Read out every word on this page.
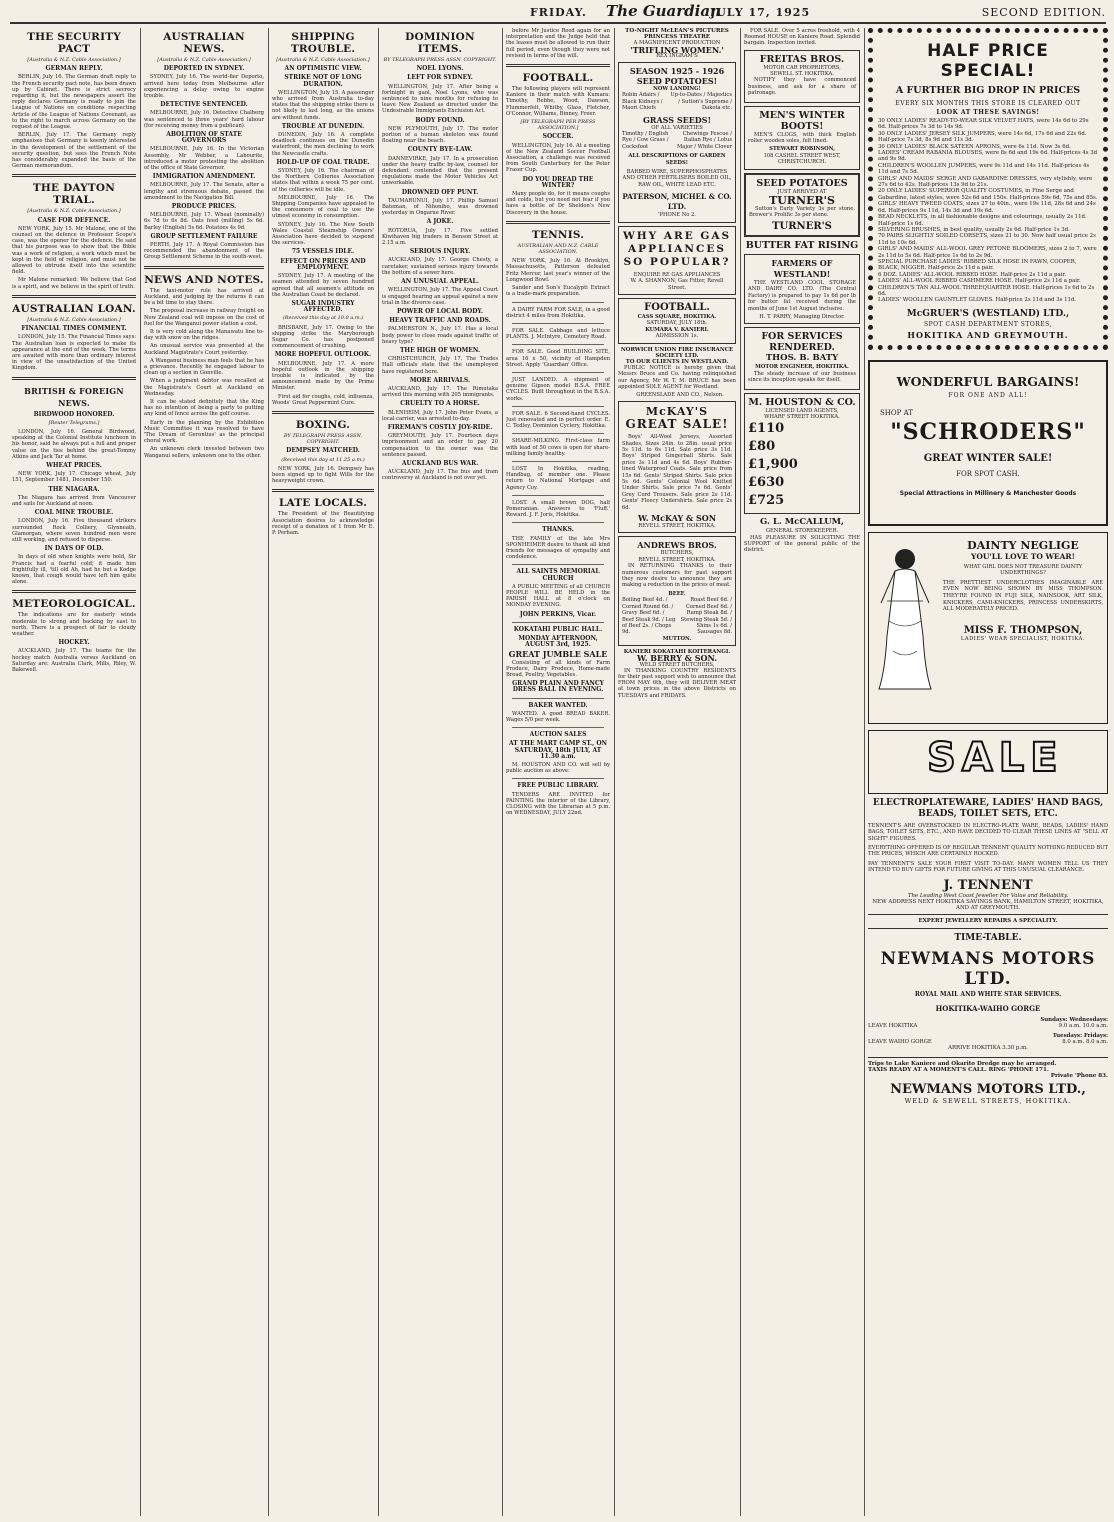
FRIDAY. The Guardian
JULY 17, 1925	SECOND EDITION.
THE SECURITY PACT
[Australia & N.Z. Cable Association.]
GERMAN REPLY.

BERLIN, July 16. The German draft reply to the French security pact note, has been drawn up by Cabinet. There is strict secrecy regarding it, but the newspapers assert the reply declares Germany is ready to join the League of Nations on conditions respecting Article of the League of Nations Covenant, as to the right to march across Germany on the request of the League.

BERLIN, July 17. The Germany reply emphasises that Germany is keenly interested in the development of the settlement of the security question, but sees the French Note has considerably expanded the basis of the German memorandum.

THE DAYTON TRIAL.
[Australia & N.Z. Cable Association.]
CASE FOR DEFENCE.

NEW YORK, July 15. Mr Malone, one of the counsel on the defence in Professor Scope's case, was the opener for the defence. He said that his purpose was to show that the Bible was a work of religion, a work which must be kept in the field of religion, and must not be allowed to obtrude itself into the scientific field.

Mr Malone remarked: We believe that God is a spirit, and we believe in the spirit of truth.

AUSTRALIAN LOAN.
[Australia & N.Z. Cable Association.]
FINANCIAL TIMES COMMENT.

LONDON, July 15. The Financial Times says: The Australian loan is expected to make its appearance at the end of the week. The terms are awaited with more than ordinary interest in view of the unsatisfaction of the United Kingdom.

BRITISH & FOREIGN NEWS.
BIRDWOOD HONORED.
[Reuter Telegrams.]

LONDON, July 16. General Birdwood, speaking at the Colonial Institute luncheon in his honor, said he always put a full and proper value on the ties behind the great-Tommy Atkins and Jack Tar at home.

WHEAT PRICES.

NEW YORK, July 17. Chicago wheat, July 151, September 1481, December 150.

THE NIAGARA.

The Niagara has arrived from Vancouver and sails for Auckland at noon.

COAL MINE TROUBLE.

LONDON, July 16. Five thousand strikers surrounded Rock Colliery, Glynneath, Glamorgan, where seven hundred men were still working, and refused to disperse.

IN DAYS OF OLD.

In days of old when knights were bold, Sir Francis had a fearful cold; it made him frightfully ill, 'till old Ah, had he but a Kodge known, that cough would have left him quite alone.

METEOROLOGICAL.

The indications are for easterly winds moderate to strong and backing by east to north. There is a prospect of fair to cloudy weather.

HOCKEY.

AUCKLAND, July 17. The teams for the hockey match Australia versus Auckland on Saturday are: Australia Clark, Mills, Riley, W. Bakewell.

AUSTRALIAN NEWS.
[Australia & N.Z. Cable Association.]
DEPORTED IN SYDNEY.

SYDNEY, July 16. The world-fier Deporto, arrived here today from Melbourne after experiencing a delay owing to engine trouble.

DETECTIVE SENTENCED.

MELBOURNE, July 16. Detective Chalberg was sentenced to three years' hard labour (for receiving money from a publican).

ABOLITION OF STATE GOVERNORS

MELBOURNE, July 16. In the Victorian Assembly, Mr Webber, a Labourite, introduced a motor protesting the abolition of the office of State Governor.

IMMIGRATION AMENDMENT.

MELBOURNE, July 17. The Senate, after a lengthy and strenuous debate, passed the amendment to the Navigation Bill.

PRODUCE PRICES.

MELBOURNE, July 17. Wheat (nominally) 6s 7d to 6s 8d. Oats feed (milling) 5s 6d. Barley (English) 5s 6d. Potatoes 4s 9d.

GROUP SETTLEMENT FAILURE

PERTH, July 17. A Royal Commission has recommended the abandonment of the Group Settlement Scheme in the south-west.

NEWS AND NOTES.

The taxi-motor rule has arrived at Auckland, and judging by the returns it can be a bit time to stay there.

The proposal increase in railway freight on New Zealand coal will impose on the cost of fuel for the Wanganui power station a cost.

It is very cold along the Manawatu line to-day with snow on the ridges.

An unusual service was presented at the Auckland Magistrate's Court yesterday.

A Wanganui business man feels that he has a grievance. Recently he engaged labour to clean up a section in Gonville.

When a judgment debtor was recalled at the Magistrate's Court at Auckland on Wednesday.

It can be stated definitely that the King has no intention of being a party to putting any kind of fence across the golf course.

Early in the planning by the Exhibition Music Committee it was resolved to have 'The Dream of Gerontius' as the principal choral work.

An unknown clerk invested between two Wanganui sellers, unknown one to the other.

SHIPPING TROUBLE.
[Australia & N.Z. Cable Association.]
AN OPTIMISTIC VIEW.
STRIKE NOT OF LONG DURATION.

WELLINGTON, July 15. A passenger who arrived from Australia to-day states that the shipping strike there is not likely to last long, as the unions are without funds.

TROUBLE AT DUNEDIN.

DUNEDIN, July 16. A complete deadlock continues on the Dunedin waterfront, the men declining to work the Newcastle crafts.

HOLD-UP OF COAL TRADE.

SYDNEY, July 16. The chairman of the Northern Collieries Association states that within a week 75 per cent. of the collieries will be idle.

MELBOURNE, July 16. The Shipping Companies have appealed to the consumers of coal to use the utmost economy in consumption.

SYDNEY, July 16. The New South Wales Coastal Steamship Owners' Association have decided to suspend the services.

75 VESSELS IDLE.
EFFECT ON PRICES AND EMPLOYMENT.

SYDNEY, July 17. A meeting of the seamen attended by seven hundred agreed that all seamen's attitude on the Australian Coast be declared.

SUGAR INDUSTRY AFFECTED.
(Received this day at 10.0 a.m.)

BRISBANE, July 17. Owing to the shipping strike the Maryborough Sugar Co. has postponed commencement of crushing.

MORE HOPEFUL OUTLOOK.

MELBOURNE, July 17. A more hopeful outlook in the shipping trouble is indicated by the announcement made by the Prime Minister.

First aid for coughs, cold, influenza, Woods' Great Peppermint Cure.

BOXING.
BY TELEGRAPH PRESS ASSN. COPYRIGHT.
DEMPSEY MATCHED.
(Received this day at 11.25 a.m.)

NEW YORK, July 16. Dempsey has been signed up to fight Wills for the heavyweight crown.

LATE LOCALS.

The President of the Beautifying Association desires to acknowledge receipt of a donation of 1 from Mr E. P. Perham.

DOMINION ITEMS.
BY TELEGRAPH PRESS ASSN. COPYRIGHT.
NOEL LYONS.
LEFT FOR SYDNEY.

WELLINGTON, July 17. After being a fortnight in gaol, Noel Lyons, who was sentenced to nine months for refusing to leave New Zealand as directed under the Undesirable Immigrants Exclusion Act.

BODY FOUND.

NEW PLYMOUTH, July 17. The motor portion of a human skeleton was found floating near the beach.

COUNTY BYE-LAW.

DANNEVIRKE, July 17. In a prosecution under the heavy traffic by-law, counsel for defendant contended that the present regulations made the Motor Vehicles Act unworkable.

DROWNED OFF PUNT.

TAUMARUNUI, July 17. Phillip Samuel Bateman, of Nihoniho, was drowned yesterday in Ongarue River.

A JOKE.

ROTORUA, July 17. Five settled Kiwihaven big traders in Benson Street at 2.15 a.m.

SERIOUS INJURY.

AUCKLAND, July 17. George Chesty, a caretaker, sustained serious injury towards the bottom of a sewer here.

AN UNUSUAL APPEAL.

WELLINGTON, July 17. The Appeal Court is engaged hearing an appeal against a new trial in the divorce case.

POWER OF LOCAL BODY.
HEAVY TRAFFIC AND ROADS.

PALMERSTON N., July 17. Has a local body power to close roads against traffic of heavy type?

THE HIGH OF WOMEN.

CHRISTCHURCH, July 17. The Trades Hall officials state that the unemployed have registered here.

MORE ARRIVALS.

AUCKLAND, July 17. The Rimutaka arrived this morning with 205 immigrants.

CRUELTY TO A HORSE.

BLENHEIM, July 17. John Peter Evans, a local carrier, was arrested to-day.

FIREMAN'S COSTLY JOY-RIDE.

GREYMOUTH, July 17. Fourteen days imprisonment and an order to pay 20 compensation to the owner was the sentence passed.

AUCKLAND BUS WAR.

AUCKLAND, July 17. The bus and tram controversy at Auckland is not over yet.

before Mr Justice Reed again for an interpretation and the Judge held that the leases must be allowed to run their full period, even though they were not revised in terms of the will.

FOOTBALL.

The following players will represent Kaniere in their match with Kumara: Timothy, Rebbe, Wood, Dawson, Flummerfelt, Whitby, Glass, Fletcher, O'Connor, Williams, Binney, Freer.

[BY TELEGRAPH PER PRESS ASSOCIATION.]
SOCCER.

WELLINGTON, July 16. At a meeting of the New Zealand Soccer Football Association, a challenge was received from South Canterbury for the Peter Fraser Cup.

DO YOU DREAD THE WINTER?

Many people do, for it means coughs and colds, but you need not fear if you have a bottle of Dr Sheldon's New Discovery in the house.

TENNIS.
AUSTRALIAN AND N.Z. CABLE ASSOCIATION.

NEW YORK, July 16. At Brooklyn, Massachusetts, Patterson defeated Fritz Mercur, last year's winner of the Longwood Bowl.

Sander and Son's Eucalypti Extract is a trade-mark preparation.

A DAIRY FARM FOR SALE, in a good district 4 miles from Hokitika.

FOR SALE. Cabbage and lettuce PLANTS. J. McIntyre, Cemetery Road.

FOR SALE. Good BUILDING SITE, area 16 x 50, vicinity of Hampden Street. Apply 'Guardian' Office.

JUST LANDED. A shipment of genuine Gipson model B.S.A. FREE CYCLES. Built throughout in the B.S.A. works.

FOR SALE. 6 Second-hand CYCLES. Just renovated and in perfect order. E. C. Tedley, Dominion Cyclery, Hokitika.

SHARE-MILKING. First-class farm with lead of 50 cows is open for share-milking family healthy.

LOST. In Hokitika, reading, Handbag, of member one. Please return to National Mortgage and Agency Coy.

LOST. A small brown DOG, half Pomeranian. Answers to 'Fluff.' Reward. J. F. Joris, Hokitika.

THANKS.

THE FAMILY of the late Mrs SPONHEIMER desire to thank all kind friends for messages of sympathy and condolence.

ALL SAINTS MEMORIAL CHURCH

A PUBLIC MEETING of all CHURCH PEOPLE WILL BE HELD in the PARISH HALL at 8 o'clock on MONDAY EVENING.

JOHN PERKINS, Vicar.
KOKATAHI PUBLIC HALL.
MONDAY AFTERNOON, AUGUST 3rd, 1925.
GREAT JUMBLE SALE

Consisting of all kinds of Farm Produce, Dairy Produce, Home-made Bread, Poultry, Vegetables.

GRAND PLAIN AND FANCY DRESS BALL IN EVENING.
BAKER WANTED.

WANTED. A good BREAD BAKER. Wages 5/0 per week.

AUCTION SALES
AT THE MART CAMP ST., ON SATURDAY, 18th JULY, AT 11.30 a.m.

M. HOUSTON AND CO. will sell by public auction as above:

FREE PUBLIC LIBRARY.

TENDERS ARE INVITED for PAINTING the interior of the Library, CLOSING with the Librarian at 5 p.m. on WEDNESDAY, JULY 22nd.

TO-NIGHT McLEAN'S PICTURES PRINCESS THEATRE
A MAGNIFICENT PRODUCTION
'TRIFLING WOMEN.'
REX INGRAM'S
SEASON 1925 - 1926 SEED POTATOES!
NOW LANDING!
Robin Adairs / Black Kidneys / Maori Chiefs
Up-to-Dates / Majestics / Sutton's Supreme / Dakota etc.
GRASS SEEDS!
OF ALL VARIETIES
Timothy / English Rye / Cow Grass / Cocksfoot
Chewings Fescue / Italian Rye / Lotus Major / White Clover
ALL DESCRIPTIONS OF GARDEN SEEDS!
BARBED WIRE, SUPERPHOSPHATES AND OTHER FERTILISERS BOILED OIL, RAW OIL, WHITE LEAD ETC.
PATERSON, MICHEL & CO. LTD.
'PHONE No 2.
WHY ARE GAS APPLIANCES SO POPULAR?
ENQUIRE RE GAS APPLIANCES
W. A. SHANNON, Gas Fitter, Revell Street.
FOOTBALL.
CASS SQUARE, HOKITIKA.
SATURDAY, JULY 18th.
KUMARA V. KANIERI.
ADMISSION 1s.
NORWICH UNION FIRE INSURANCE SOCIETY LTD.
TO OUR CLIENTS IN WESTLAND.

PUBLIC NOTICE is hereby given that Messrs Bruce and Co. having relinquished our Agency, Mr W. T. M. BRUCE has been appointed SOLE AGENT for Westland.

GREENSLADE AND CO., Nelson.

McKAY'S
GREAT SALE!

Boys' All-Wool Jerseys, Assorted Shades, Sizes 24in. to 28in. usual price 5s 11d. to 6s 11d. Sale price 3s 11d. Boys' Striped Gingerball Shirts. Sale price 3s 11d and 4s 6d. Boys' Rubber-lined Waterproof Coats. Sale price from 15s 6d. Gents' Striped Shirts. Sale price 5s 6d. Gents' Colonial Wool Knitted Under Shirts. Sale price 7s 6d. Gents' Grey Cord Trousers. Sale price 2s 11d. Gents' Fleecy Undershirts. Sale price 2s 6d.

W. McKAY & SON
REVELL STREET, HOKITIKA.
ANDREWS BROS.
BUTCHERS,
REVELL STREET, HOKITIKA.

IN RETURNING THANKS to their numerous customers for past support they now desire to announce they are making a reduction in the prices of meat.

BEEF.
Boiling Beef 4d. / Corned Round 6d. / Gravy Beef 6d. / Beef Steak 9d. / Leg of Beef 2s. / Chops 9d.
Roast Beef 6d. / Corned Beef 6d. / Rump Steak 8d. / Stewing Steak 5d. / Shins 1s 6d. / Sausages 8d.
MUTTON.
KANIERI KOKATAHI KOITERANGI.
W. BERRY & SON.
WELD STREET BUTCHERS,

IN THANKING COUNTRY RESIDENTS for their past support wish to announce that FROM MAY 6th, they will DELIVER MEAT at town prices in the above Districts on TUESDAYS and FRIDAYS.

FOR SALE. Over 5 acres freehold, with 4 Roomed HOUSE on Kaniere Road. Splendid bargain. Inspection invited.

FREITAS BROS.
MOTOR CAR PROPRIETORS,
SEWELL ST. HOKITIKA.

NOTIFY they have commenced business, and ask for a share of patronage.

MEN'S WINTER BOOTS!

MEN'S CLOGS, with thick English roller wooden soles, felt lined.

STEWART ROBINSON,
108 CASHEL STREET WEST,
CHRISTCHURCH.
SEED POTATOES
JUST ARRIVED AT
TURNER'S

Sutton's Early Variety 3s per stone. Brewer's Prolific 3s per stone.

TURNER'S
BUTTER FAT RISING
FARMERS OF WESTLAND!

THE WESTLAND COOL STORAGE AND DAIRY CO. LTD. (The Central Factory) is prepared to pay 1s 6d per lb for butter fat received during the months of June 1st August inclusive.

H. T. PARRY, Managing Director.
FOR SERVICES RENDERED.
THOS. B. BATY
MOTOR ENGINEER, HOKITIKA.

The steady increase of our business since its inception speaks for itself.

M. HOUSTON & CO.
LICENSED LAND AGENTS,
WHARF STREET HOKITIKA.
£110
£80
£1,900
£630
£725
G. L. McCALLUM,
GENERAL STOREKEEPER.

HAS PLEASURE IN SOLICITING THE SUPPORT of the general public of the district.

HALF PRICE SPECIAL!
A FURTHER BIG DROP IN PRICES
EVERY SIX MONTHS THIS STORE IS CLEARED OUT
LOOK AT THESE SAVINGS!

30 ONLY LADIES' READY-TO-WEAR SILK VELVET HATS, were 14s 6d to 29s 6d. Half-prices 7s 3d to 14s 9d.

30 ONLY LADIES' JERSEY SILK JUMPERS, were 14s 6d, 17s 6d and 22s 6d. Half-price 7s 3d, 8s 9d and 11s 3d.

30 ONLY LADIES' BLACK SATEEN APRONS, were 6s 11d. Now 3s 6d.

LADIES' CREAM RABANIA BLOUSES, were 8s 6d and 19s 6d. Half-prices 4s 3d and 9s 9d.

CHILDREN'S WOOLLEN JUMPERS, were 9s 11d and 14s 11d. Half-prices 4s 11d and 7s 5d.

GIRLS' AND MAIDS' SERGE AND GABARDINE DRESSES, very stylishly, were 27s 6d to 42s. Half-prices 13s 9d to 21s.

20 ONLY LADIES' SUPERIOR QUALITY COSTUMES, in Fine Serge and Gabardine, latest styles, were 52s 6d and 150s. Half-prices 59s 6d, 75s and 85s.

GIRLS' HEAVY TWEED COATS, sizes 27 to 40in., were 19s 11d, 28s 6d and 24s 6d. Half-prices 9s 11d, 14s 3d and 19s 6d.

BEAD NECKLETS, in all fashionable designs and colourings, usually 2s 11d. Half-price 1s 6d.

SILVERING BRUSHES, in best quality, usually 2s 6d. Half-price 1s 3d.

70 PAIRS SLIGHTLY SOILED CORSETS, sizes 21 to 30. Now half usual price 2s 11d to 10s 6d.

GIRLS' AND MAIDS' ALL-WOOL GREY PETONE BLOOMERS, sizes 2 to 7, were 2s 11d to 5s 6d. Half-price 1s 6d to 2s 9d.

SPECIAL PURCHASE LADIES' RIBBED SILK HOSE IN FAWN, COOPER, BLACK, NIGGER. Half-price 2s 11d a pair.

6 DOZ. LADIES' ALL-WOOL RIBBED HOSE. Half-price 2s 11d a pair.

LADIES' ALL-WOOL RIBBED CASHMERE HOSE. Half-price 2s 11d a pair.

CHILDREN'S TAN ALL-WOOL THREEQUARTER HOSE. Half-prices 1s 6d to 2s 6d.

LADIES' WOOLLEN GAUNTLET GLOVES. Half-price 2s 11d and 3s 11d.

McGRUER'S (WESTLAND) LTD.,
SPOT CASH DEPARTMENT STORES,
HOKITIKA AND GREYMOUTH.
WONDERFUL BARGAINS!
FOR ONE AND ALL!
SHOP AT
"SCHRODERS"
GREAT WINTER SALE!
FOR SPOT CASH.
Special Attractions in Millinery & Manchester Goods
DAINTY NEGLIGE
YOU'LL LOVE TO WEAR!
WHAT GIRL DOES NOT TREASURE DAINTY UNDERTHINGS?

THE PRETTIEST UNDERCLOTHES IMAGINABLE ARE EVEN NOW BEING SHOWN BY MISS THOMPSON. THEY'RE FOUND IN FUJI SILK, NAINSOOK, ART SILK, KNICKERS, CAMI-KNICKERS, PRINCESS UNDERSKIRTS, ALL MODERATELY PRICED.

MISS F. THOMPSON,
LADIES' WEAR SPECIALIST, HOKITIKA.
SALE
ELECTROPLATEWARE, LADIES' HAND BAGS, BEADS, TOILET SETS, ETC.

TENNENT'S ARE OVERSTOCKED IN ELECTRO-PLATE WARE, BEADS, LADIES' HAND BAGS, TOILET SETS, ETC., AND HAVE DECIDED TO CLEAR THESE LINES AT "SELL AT SIGHT" FIGURES.

EVERYTHING OFFERED IS OF REGULAR TENNENT QUALITY NOTHING REDUCED BUT THE PRICES, WHICH ARE CERTAINLY ROCKED.

PAY TENNENT'S SALE YOUR FIRST VISIT TO-DAY. MANY WOMEN TELL US THEY INTEND TO BUY GIFTS FOR FUTURE GIVING AT THIS UNUSUAL CLEARANCE.

J. TENNENT
The Leading West Coast Jeweller For Value and Reliability.
NEW ADDRESS NEXT HOKITIKA SAVINGS BANK, HAMILTON STREET, HOKITIKA, AND AT GREYMOUTH.
EXPERT JEWELLERY REPAIRS A SPECIALITY.
TIME-TABLE.
NEWMANS MOTORS LTD.
ROYAL MAIL AND WHITE STAR SERVICES.
HOKITIKA-WAIHO GORGE
Sundays: Wednesdays:
LEAVE HOKITIKA	9.0 a.m. 10.0 a.m.
Tuesdays: Fridays:
LEAVE WAIHO GORGE	8.0 a.m. 8.0 a.m.
ARRIVE HOKITIKA 3.30 p.m.
Trips to Lake Kaniere and Okarito Dredge may be arranged.
TAXIS READY AT A MOMENT'S CALL. RING 'PHONE 171.
Private 'Phone 83.
NEWMANS MOTORS LTD.,
WELD & SEWELL STREETS, HOKITIKA.
